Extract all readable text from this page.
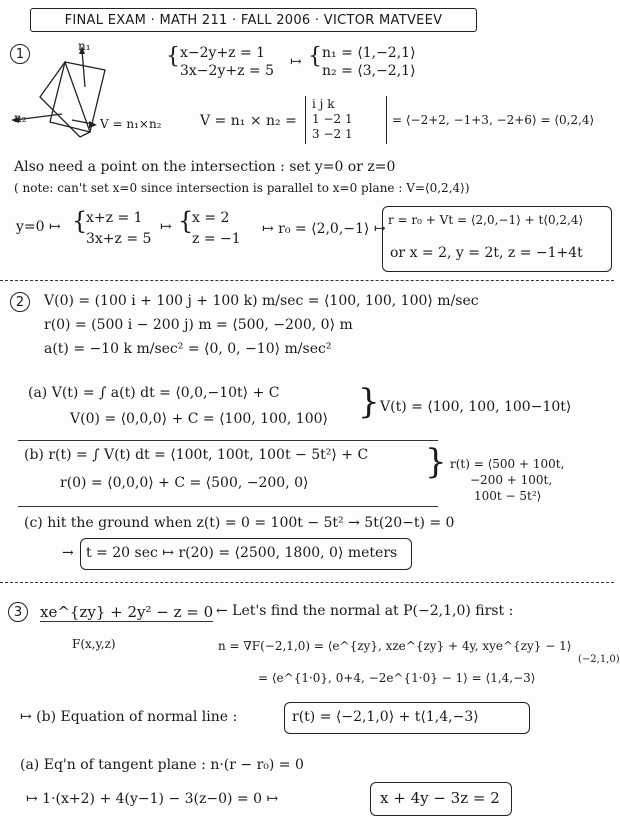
FINAL EXAM · MATH 211 · FALL 2006 · VICTOR MATVEEV
1
n₁
n₂	V = n₁×n₂
{ x−2y+z = 1
3x−2y+z = 5
↦ { n₁ = ⟨1,−2,1⟩
n₂ = ⟨3,−2,1⟩
V = n₁ × n₂ =
i j k
1 −2 1
3 −2 1
= ⟨−2+2, −1+3, −2+6⟩ = ⟨0,2,4⟩
Also need a point on the intersection : set y=0 or z=0
( note: can't set x=0 since intersection is parallel to x=0 plane : V=⟨0,2,4⟩)
y=0 ↦ {
x+z = 1
3x+z = 5
↦ {
x = 2
z = −1
↦ r₀ = ⟨2,0,−1⟩ ↦
r = r₀ + Vt = ⟨2,0,−1⟩ + t⟨0,2,4⟩
or x = 2, y = 2t, z = −1+4t
2	V(0) = (100 i + 100 j + 100 k) m/sec = ⟨100, 100, 100⟩ m/sec
r(0) = (500 i − 200 j) m = ⟨500, −200, 0⟩ m
a(t) = −10 k m/sec² = ⟨0, 0, −10⟩ m/sec²
(a) V(t) = ∫ a(t) dt = ⟨0,0,−10t⟩ + C
V(0) = ⟨0,0,0⟩ + C = ⟨100, 100, 100⟩ } V(t) = ⟨100, 100, 100−10t⟩
(b) r(t) = ∫ V(t) dt = ⟨100t, 100t, 100t − 5t²⟩ + C
r(0) = ⟨0,0,0⟩ + C = ⟨500, −200, 0⟩
} r(t) = ⟨500 + 100t,
−200 + 100t,
100t − 5t²⟩
(c) hit the ground when z(t) = 0 = 100t − 5t² → 5t(20−t) = 0
→ t = 20 sec ↦ r(20) = ⟨2500, 1800, 0⟩ meters
3	xe^{zy} + 2y² − z = 0 ← Let's find the normal at P(−2,1,0) first :
F(x,y,z)	n = ∇F(−2,1,0) = ⟨e^{zy}, xze^{zy} + 4y, xye^{zy} − 1⟩
(−2,1,0)
= ⟨e^{1·0}, 0+4, −2e^{1·0} − 1⟩ = ⟨1,4,−3⟩
↦ (b) Equation of normal line :	r(t) = ⟨−2,1,0⟩ + t⟨1,4,−3⟩
(a) Eq'n of tangent plane : n·(r − r₀) = 0
↦ 1·(x+2) + 4(y−1) − 3(z−0) = 0 ↦	x + 4y − 3z = 2
